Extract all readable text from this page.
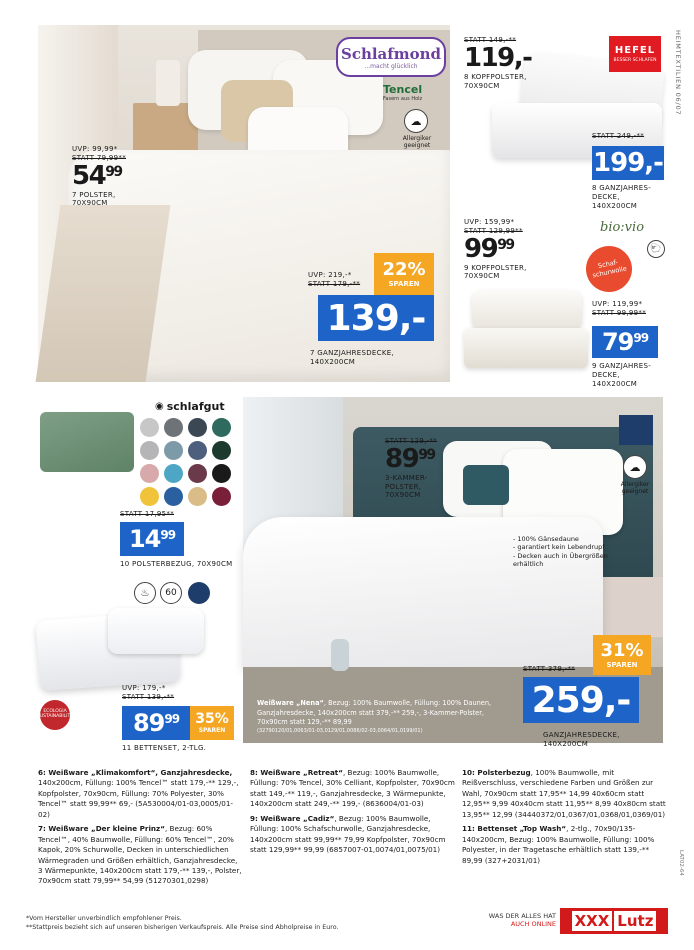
Schlafmond
...macht glücklich
Tencel
Fasern aus Holz
☁
Allergiker geeignet
UVP: 99,99*
STATT 79,99**
54 99
7 POLSTER, 70X90CM
UVP: 219,-*
STATT 179,-**
22%
SPAREN
139,-
7 GANZJAHRESDECKE, 140X200CM
HEFEL
BESSER SCHLAFEN
STATT 149,-**
119,-
8 KOPFPOLSTER, 70X90CM
STATT 249,-**
199,-
8 GANZJAHRES-DECKE, 140X200CM
bio:vio
🐑
Schaf-schurwolle
UVP: 159,99*
STATT 129,99**
99 99
9 KOPFPOLSTER, 70X90CM
UVP: 119,99*
STATT 99,99**
79 99
9 GANZJAHRES-DECKE, 140X200CM
HEIMTEXTILIEN 06/07
◉ schlafgut
STATT 17,95**
14 99
10 POLSTERBEZUG, 70X90CM
♨	60
ECOLOGIA SUSTAINABILITY
UVP: 179,-*
STATT 139,-**
89 99 35%
SPAREN
11 BETTENSET, 2-TLG.
☁
Allergiker geeignet
STATT 129,-**
89 99
3-KAMMER-POLSTER, 70X90CM
- 100% Gänsedaune
- garantiert kein Lebendrupf
- Decken auch in Übergrößen erhältlich
STATT 379,-**
31%
SPAREN
259,-
GANZJAHRESDECKE, 140X200CM
Weißware „Nena“, Bezug: 100% Baumwolle, Füllung: 100% Daunen, Ganzjahresdecke, 140x200cm statt 379,-** 259,-, 3-Kammer-Polster, 70x90cm statt 129,-** 89,99
(32790120/01,0063/01-03,0129/01,0086/02-03,0064/01,0199/01)

6: Weißware „Klimakomfort“, Ganzjahresdecke, 140x200cm, Füllung: 100% Tencel™ statt 179,-** 129,-, Kopfpolster, 70x90cm, Füllung: 70% Polyester, 30% Tencel™ statt 99,99** 69,- (5A530004/01-03,0005/01-02)

7: Weißware „Der kleine Prinz“, Bezug: 60% Tencel™, 40% Baumwolle, Füllung: 60% Tencel™, 20% Kapok, 20% Schurwolle, Decken in unterschiedlichen Wärmegraden und Größen erhältlich, Ganzjahresdecke, 3 Wärmepunkte, 140x200cm statt 179,-** 139,-, Polster, 70x90cm statt 79,99** 54,99 (51270301,0298)

8: Weißware „Retreat“, Bezug: 100% Baumwolle, Füllung: 70% Tencel, 30% Celliant, Kopfpolster, 70x90cm statt 149,-** 119,-, Ganzjahresdecke, 3 Wärmepunkte, 140x200cm statt 249,-** 199,- (8636004/01-03)

9: Weißware „Cadiz“, Bezug: 100% Baumwolle, Füllung: 100% Schafschurwolle, Ganzjahresdecke, 140x200cm statt 99,99** 79,99 Kopfpolster, 70x90cm statt 129,99** 99,99 (6857007-01,0074/01,0075/01)

10: Polsterbezug, 100% Baumwolle, mit Reißverschluss, verschiedene Farben und Größen zur Wahl, 70x90cm statt 17,95** 14,99 40x60cm statt 12,95** 9,99 40x40cm statt 11,95** 8,99 40x80cm statt 13,95** 12,99 (34440372/01,0367/01,0368/01,0369/01)

11: Bettenset „Top Wash“, 2-tlg., 70x90/135-140x200cm, Bezug: 100% Baumwolle, Füllung: 100% Polyester, in der Tragetasche erhältlich statt 139,-** 89,99 (327+2031/01)	LAT02-64
*Vom Hersteller unverbindlich empfohlener Preis.
**Stattpreis bezieht sich auf unseren bisherigen Verkaufspreis. Alle Preise sind Abholpreise in Euro.
WAS DER ALLES HAT
AUCH ONLINE XXX Lutz
